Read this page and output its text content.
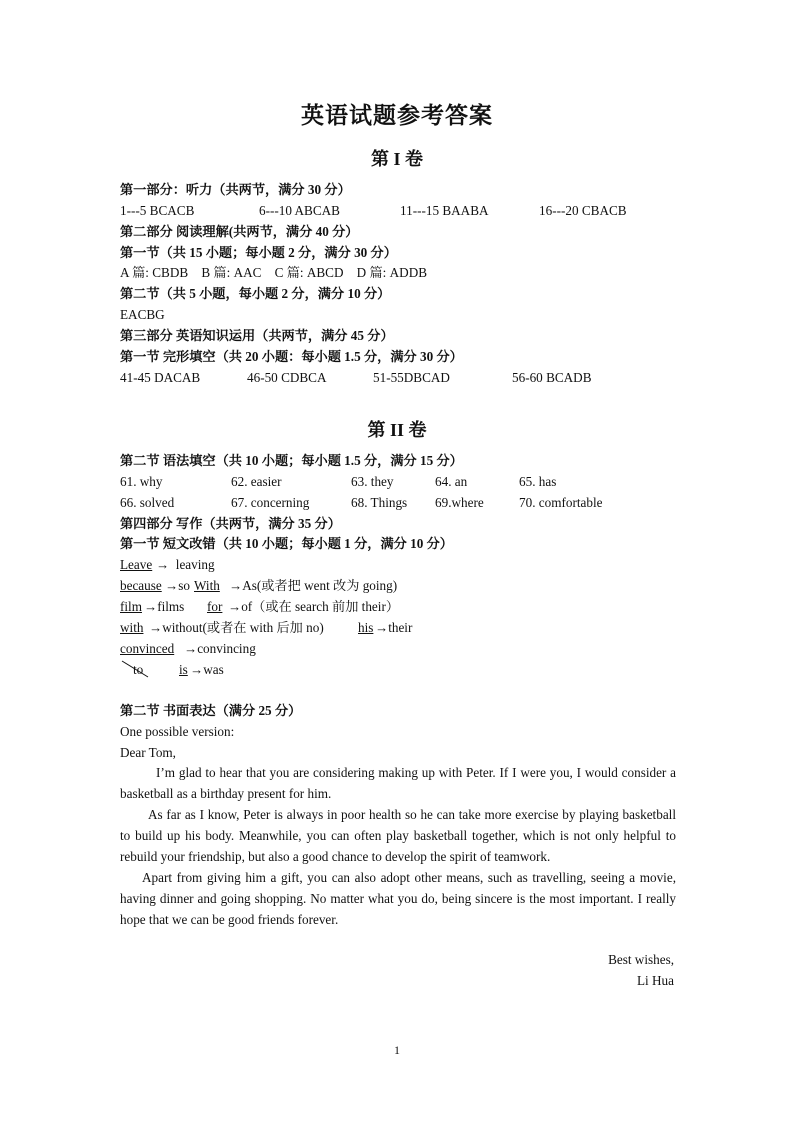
英语试题参考答案
第 I 卷
第一部分：听力（共两节，满分 30 分）
1---5 BCACB	6---10 ABCAB	11---15 BAABA	16---20 CBACB
第二部分 阅读理解(共两节，满分 40 分）
第一节（共 15 小题；每小题 2 分，满分 30 分）
A 篇: CBDB    B 篇: AAC    C 篇: ABCD    D 篇: ADDB
第二节（共 5 小题，每小题 2 分，满分 10 分）
EACBG
第三部分 英语知识运用（共两节，满分 45 分）
第一节 完形填空（共 20 小题：每小题 1.5 分，满分 30 分）
41-45 DACAB	46-50 CDBCA	51-55DBCAD	56-60 BCADB
第 II 卷
第二节 语法填空（共 10 小题；每小题 1.5 分，满分 15 分）
61. why	62. easier	63. they	64. an	65. has
66. solved	67. concerning	68. Things 69.where	70. comfortable
第四部分 写作（共两节，满分 35 分）
第一节 短文改错（共 10 小题；每小题 1 分，满分 10 分）
Leave →  leaving
because →so With →As(或者把 went 改为 going)
film →films for →of（或在 search 前加 their）
with →without(或者在 with 后加 no)	his →their
convinced →convincing
to	is →was
第二节 书面表达（满分 25 分）
One possible version:
Dear Tom,

I’m glad to hear that you are considering making up with Peter. If I were you, I would consider a basketball as a birthday present for him.

As far as I know, Peter is always in poor health so he can take more exercise by playing basketball to build up his body. Meanwhile, you can often play basketball together, which is not only helpful to rebuild your friendship, but also a good chance to develop the spirit of teamwork.

Apart from giving him a gift, you can also adopt other means, such as travelling, seeing a movie, having dinner and going shopping. No matter what you do, being sincere is the most important. I really hope that we can be good friends forever.

Best wishes,
Li Hua
1
